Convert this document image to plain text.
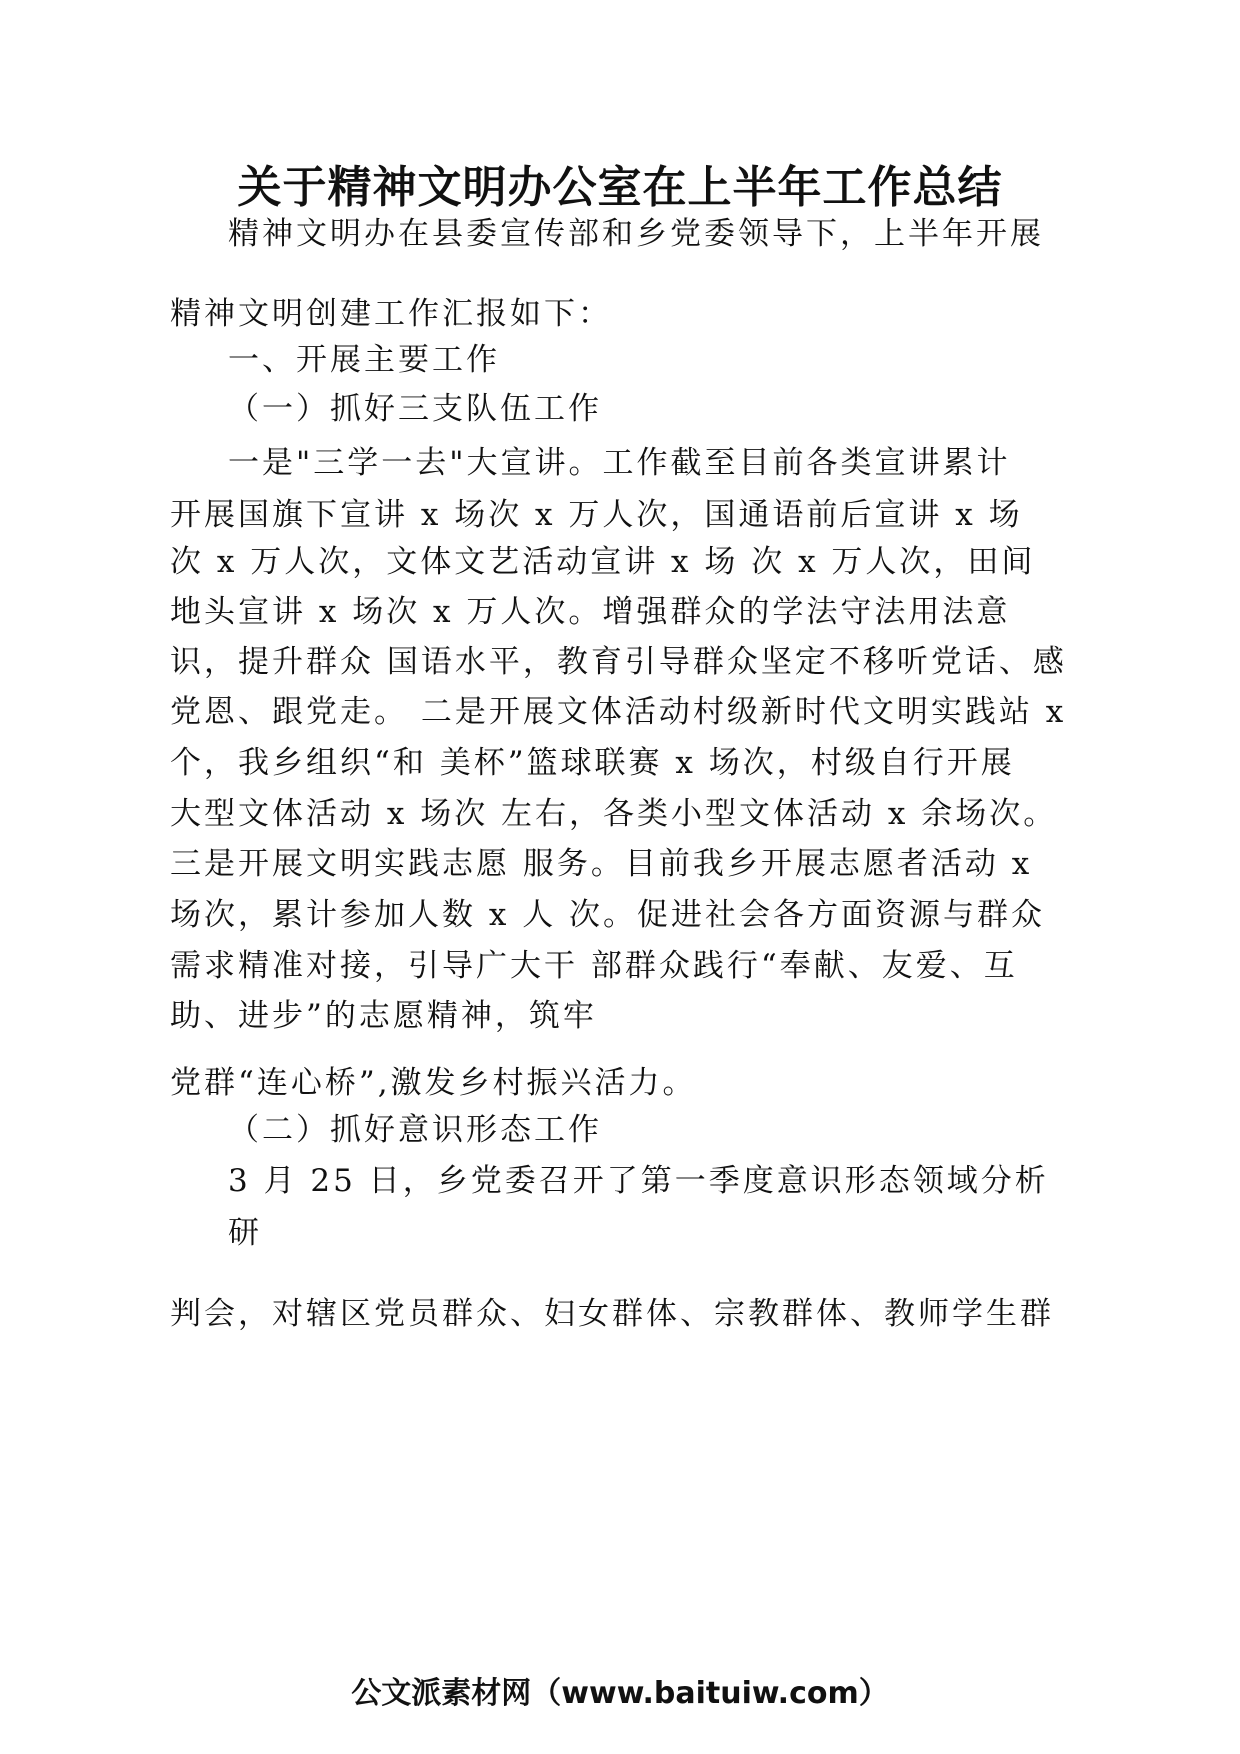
关于精神文明办公室在上半年工作总结
精神文明办在县委宣传部和乡党委领导下，上半年开展
精神文明创建工作汇报如下：
一、开展主要工作
（一）抓好三支队伍工作
一是"三学一去"大宣讲。工作截至目前各类宣讲累计
开展国旗下宣讲 x 场次 x 万人次，国通语前后宣讲 x 场
次 x 万人次，文体文艺活动宣讲 x 场 次 x 万人次，田间
地头宣讲 x 场次 x 万人次。增强群众的学法守法用法意
识，提升群众 国语水平，教育引导群众坚定不移听党话、感
党恩、跟党走。 二是开展文体活动村级新时代文明实践站 x
个，我乡组织“和 美杯”篮球联赛 x 场次，村级自行开展
大型文体活动 x 场次 左右，各类小型文体活动 x 余场次。
三是开展文明实践志愿 服务。目前我乡开展志愿者活动 x
场次，累计参加人数 x 人 次。促进社会各方面资源与群众
需求精准对接，引导广大干 部群众践行“奉献、友爱、互
助、进步”的志愿精神，筑牢
党群“连心桥”,激发乡村振兴活力。
（二）抓好意识形态工作
3 月 25 日，乡党委召开了第一季度意识形态领域分析
研
判会，对辖区党员群众、妇女群体、宗教群体、教师学生群
公文派素材网（www.baituiw.com）
